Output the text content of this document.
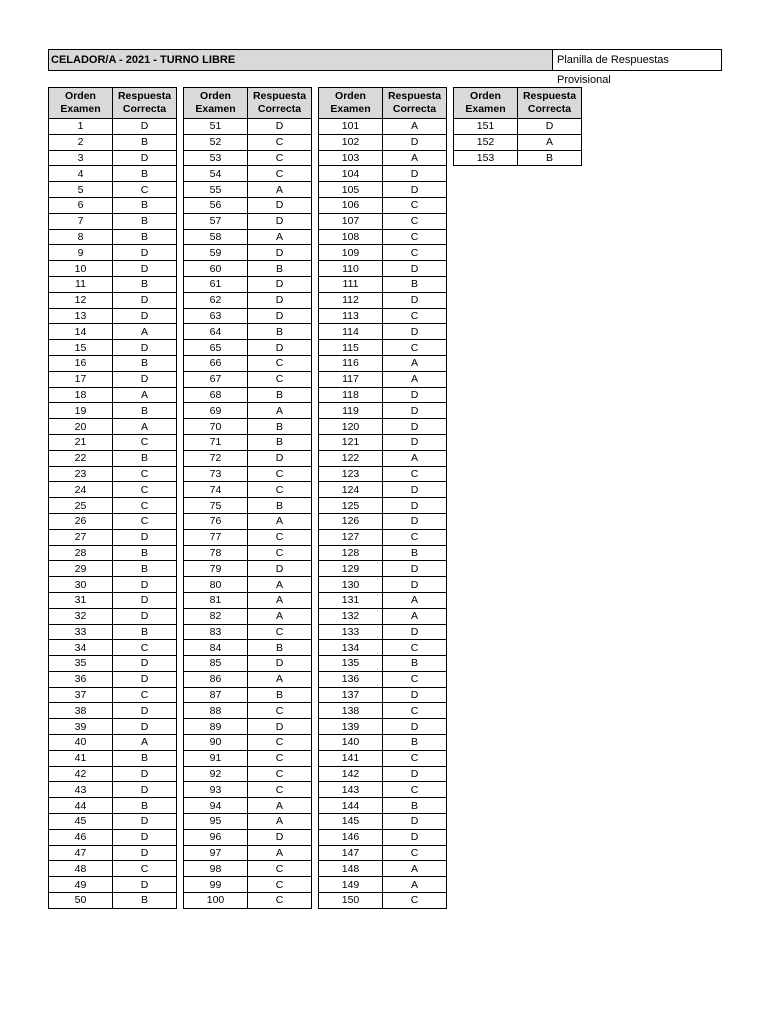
CELADOR/A - 2021 - TURNO LIBRE	Planilla de Respuestas Provisional
Orden
Examen	Respuesta
Correcta
1	D
2	B
3	D
4	B
5	C
6	B
7	B
8	B
9	D
10	D
11	B
12	D
13	D
14	A
15	D
16	B
17	D
18	A
19	B
20	A
21	C
22	B
23	C
24	C
25	C
26	C
27	D
28	B
29	B
30	D
31	D
32	D
33	B
34	C
35	D
36	D
37	C
38	D
39	D
40	A
41	B
42	D
43	D
44	B
45	D
46	D
47	D
48	C
49	D
50	B
Orden
Examen	Respuesta
Correcta
51	D
52	C
53	C
54	C
55	A
56	D
57	D
58	A
59	D
60	B
61	D
62	D
63	D
64	B
65	D
66	C
67	C
68	B
69	A
70	B
71	B
72	D
73	C
74	C
75	B
76	A
77	C
78	C
79	D
80	A
81	A
82	A
83	C
84	B
85	D
86	A
87	B
88	C
89	D
90	C
91	C
92	C
93	C
94	A
95	A
96	D
97	A
98	C
99	C
100	C
Orden
Examen	Respuesta
Correcta
101	A
102	D
103	A
104	D
105	D
106	C
107	C
108	C
109	C
110	D
111	B
112	D
113	C
114	D
115	C
116	A
117	A
118	D
119	D
120	D
121	D
122	A
123	C
124	D
125	D
126	D
127	C
128	B
129	D
130	D
131	A
132	A
133	D
134	C
135	B
136	C
137	D
138	C
139	D
140	B
141	C
142	D
143	C
144	B
145	D
146	D
147	C
148	A
149	A
150	C
Orden
Examen	Respuesta
Correcta
151	D
152	A
153	B
